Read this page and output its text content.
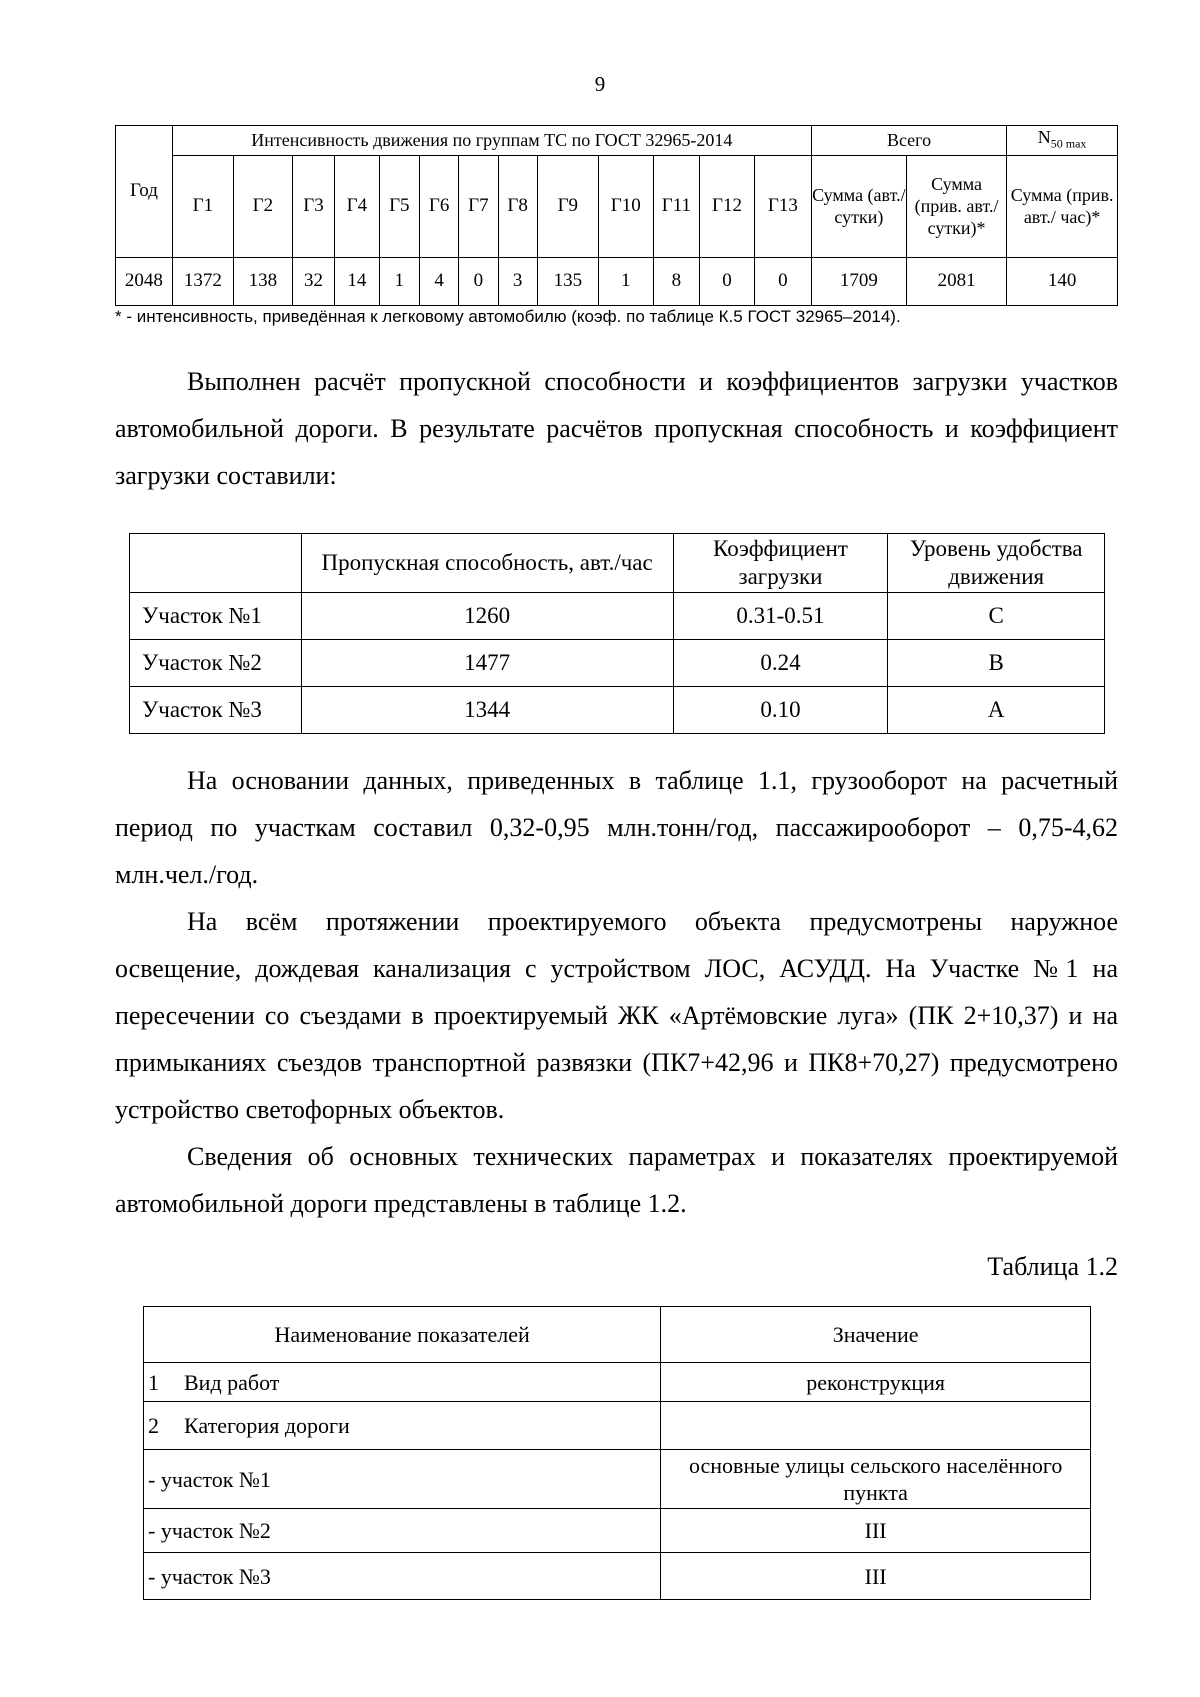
9
Год	Интенсивность движения по группам ТС по ГОСТ 32965-2014													Всего		$N_{50 max}$
	Г1	Г2	Г3	Г4	Г5	Г6	Г7	Г8	Г9	Г10	Г11	Г12	Г13	Сумма (авт./ сутки)	Сумма (прив. авт./ сутки)*	Сумма (прив. авт./ час)*
2048	1372	138	32	14	1	4	0	3	135	1	8	0	0	1709	2081	140
* - интенсивность, приведённая к легковому автомобилю (коэф. по таблице К.5 ГОСТ 32965–2014).

Выполнен расчёт пропускной способности и коэффициентов загрузки участков автомобильной дороги. В результате расчётов пропускная способность и коэффициент загрузки составили:

	Пропускная способность, авт./час	Коэффициент загрузки	Уровень удобства движения
Участок №1	1260	0.31-0.51	C
Участок №2	1477	0.24	B
Участок №3	1344	0.10	A

На основании данных, приведенных в таблице 1.1, грузооборот на расчетный период по участкам составил 0,32-0,95 млн.тонн/год, пассажирооборот – 0,75-4,62 млн.чел./год.

На всём протяжении проектируемого объекта предусмотрены наружное освещение, дождевая канализация с устройством ЛОС, АСУДД. На Участке №1 на пересечении со съездами в проектируемый ЖК «Артёмовские луга» (ПК 2+10,37) и на примыканиях съездов транспортной развязки (ПК7+42,96 и ПК8+70,27) предусмотрено устройство светофорных объектов.

Сведения об основных технических параметрах и показателях проектируемой автомобильной дороги представлены в таблице 1.2.

Таблица 1.2
Наименование показателей	Значение
1 Вид работ	реконструкция
2 Категория дороги	
- участок №1	основные улицы сельского населённого пункта
- участок №2	III
- участок №3	III
